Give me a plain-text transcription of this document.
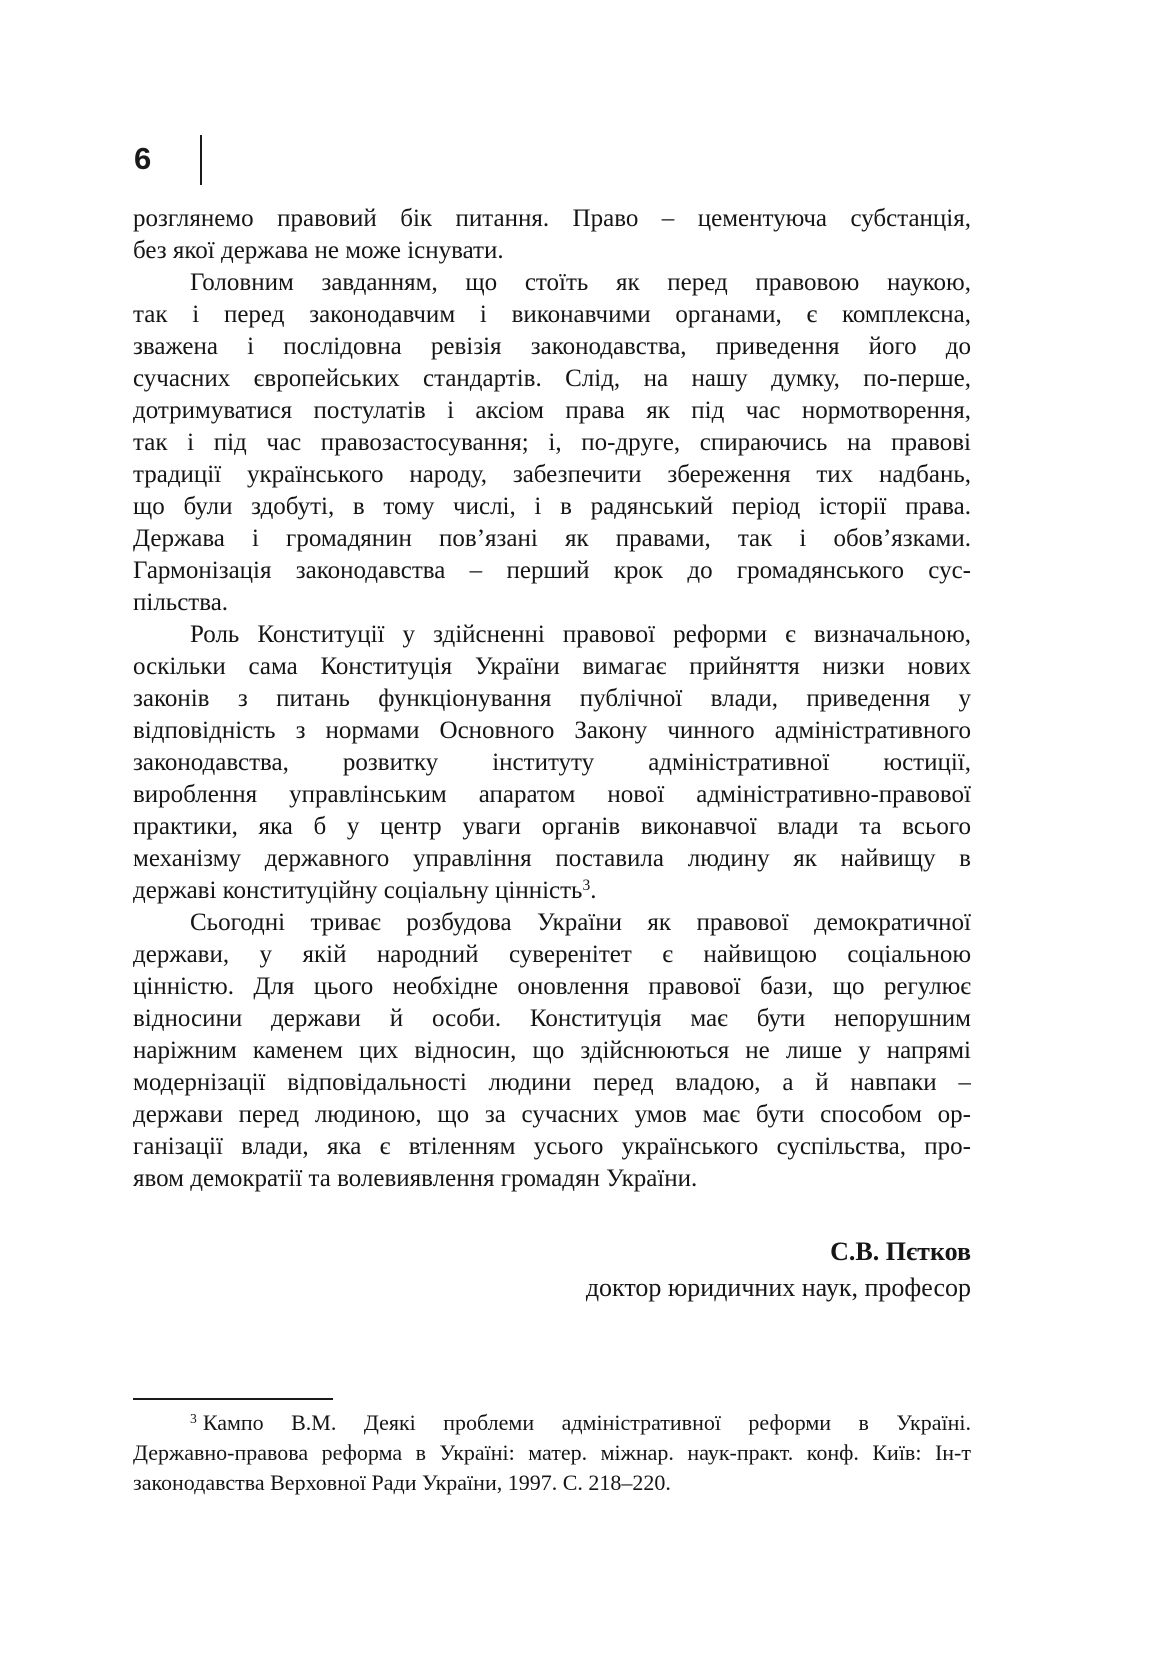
6
розглянемо правовий бік питання. Право – цементуюча субстанція,
без якої держава не може існувати.
Головним завданням, що стоїть як перед правовою наукою,
так і перед законодавчим і виконавчими органами, є комплексна,
зважена і послідовна ревізія законодавства, приведення його до
сучасних європейських стандартів. Слід, на нашу думку, по-перше,
дотримуватися постулатів і аксіом права як під час нормотворення,
так і під час правозастосування; і, по-друге, спираючись на правові
традиції українського народу, забезпечити збереження тих надбань,
що були здобуті, в тому числі, і в радянський період історії права.
Держава і громадянин пов’язані як правами, так і обов’язками.
Гармонізація законодавства – перший крок до громадянського сус-
пільства.
Роль Конституції у здійсненні правової реформи є визначальною,
оскільки сама Конституція України вимагає прийняття низки нових
законів з питань функціонування публічної влади, приведення у
відповідність з нормами Основного Закону чинного адміністративного
законодавства, розвитку інституту адміністративної юстиції,
вироблення управлінським апаратом нової адміністративно-правової
практики, яка б у центр уваги органів виконавчої влади та всього
механізму державного управління поставила людину як найвищу в
державі конституційну соціальну цінність$^3$.
Сьогодні триває розбудова України як правової демократичної
держави, у якій народний суверенітет є найвищою соціальною
цінністю. Для цього необхідне оновлення правової бази, що регулює
відносини держави й особи. Конституція має бути непорушним
наріжним каменем цих відносин, що здійснюються не лише у напрямі
модернізації відповідальності людини перед владою, а й навпаки –
держави перед людиною, що за сучасних умов має бути способом ор-
ганізації влади, яка є втіленням усього українського суспільства, про-
явом демократії та волевиявлення громадян України.
С.В. Пєтков
доктор юридичних наук, професор
$^3$ Кампо В.М. Деякі проблеми адміністративної реформи в Україні.
Державно-правова реформа в Україні: матер. міжнар. наук-практ. конф. Київ: Ін-т
законодавства Верховної Ради України, 1997. С. 218–220.
